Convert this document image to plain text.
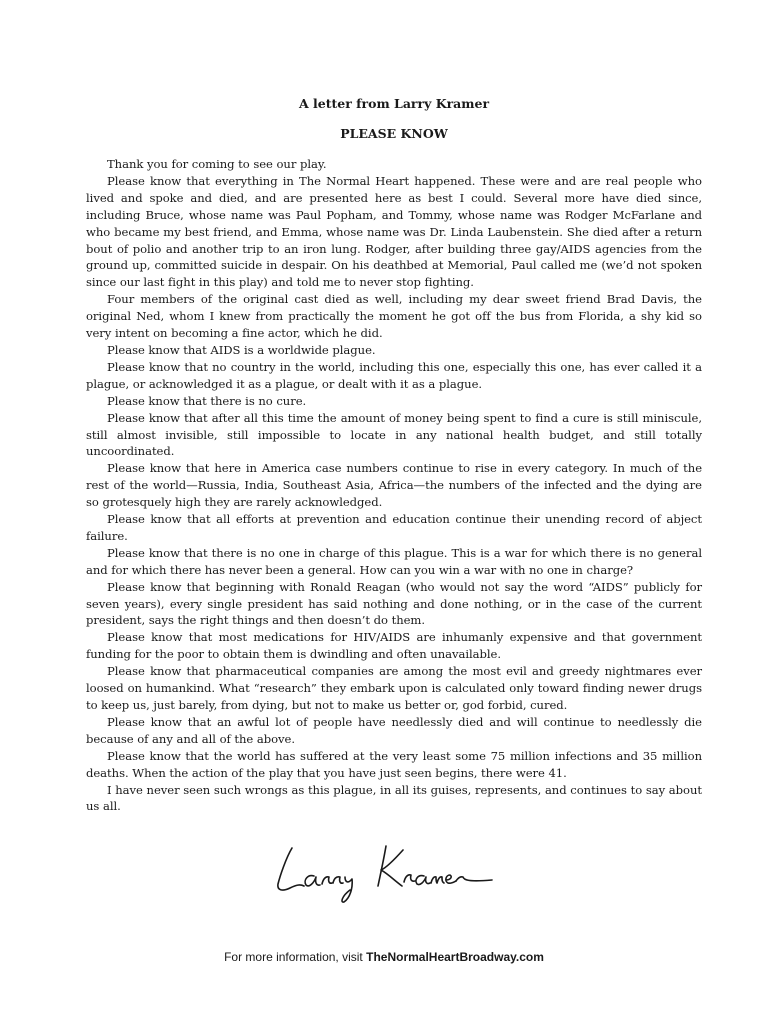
A letter from Larry Kramer
PLEASE KNOW

Thank you for coming to see our play.

Please know that everything in The Normal Heart happened. These were and are real people who lived and spoke and died, and are presented here as best I could. Several more have died since, including Bruce, whose name was Paul Popham, and Tommy, whose name was Rodger McFarlane and who became my best friend, and Emma, whose name was Dr. Linda Laubenstein. She died after a return bout of polio and another trip to an iron lung. Rodger, after building three gay/AIDS agencies from the ground up, committed suicide in despair. On his deathbed at Memorial, Paul called me (we’d not spoken since our last fight in this play) and told me to never stop fighting.

Four members of the original cast died as well, including my dear sweet friend Brad Davis, the original Ned, whom I knew from practically the moment he got off the bus from Florida, a shy kid so very intent on becoming a fine actor, which he did.

Please know that AIDS is a worldwide plague.

Please know that no country in the world, including this one, especially this one, has ever called it a plague, or acknowledged it as a plague, or dealt with it as a plague.

Please know that there is no cure.

Please know that after all this time the amount of money being spent to find a cure is still miniscule, still almost invisible, still impossible to locate in any national health budget, and still totally uncoordinated.

Please know that here in America case numbers continue to rise in every category. In much of the rest of the world—Russia, India, Southeast Asia, Africa—the numbers of the infected and the dying are so grotesquely high they are rarely acknowledged.

Please know that all efforts at prevention and education continue their unending record of abject failure.

Please know that there is no one in charge of this plague. This is a war for which there is no general and for which there has never been a general. How can you win a war with no one in charge?

Please know that beginning with Ronald Reagan (who would not say the word “AIDS” publicly for seven years), every single president has said nothing and done nothing, or in the case of the current president, says the right things and then doesn’t do them.

Please know that most medications for HIV/AIDS are inhumanly expensive and that government funding for the poor to obtain them is dwindling and often unavailable.

Please know that pharmaceutical companies are among the most evil and greedy nightmares ever loosed on humankind. What “research” they embark upon is calculated only toward finding newer drugs to keep us, just barely, from dying, but not to make us better or, god forbid, cured.

Please know that an awful lot of people have needlessly died and will continue to needlessly die because of any and all of the above.

Please know that the world has suffered at the very least some 75 million infections and 35 million deaths. When the action of the play that you have just seen begins, there were 41.

I have never seen such wrongs as this plague, in all its guises, represents, and continues to say about us all.

For more information, visit TheNormalHeartBroadway.com
